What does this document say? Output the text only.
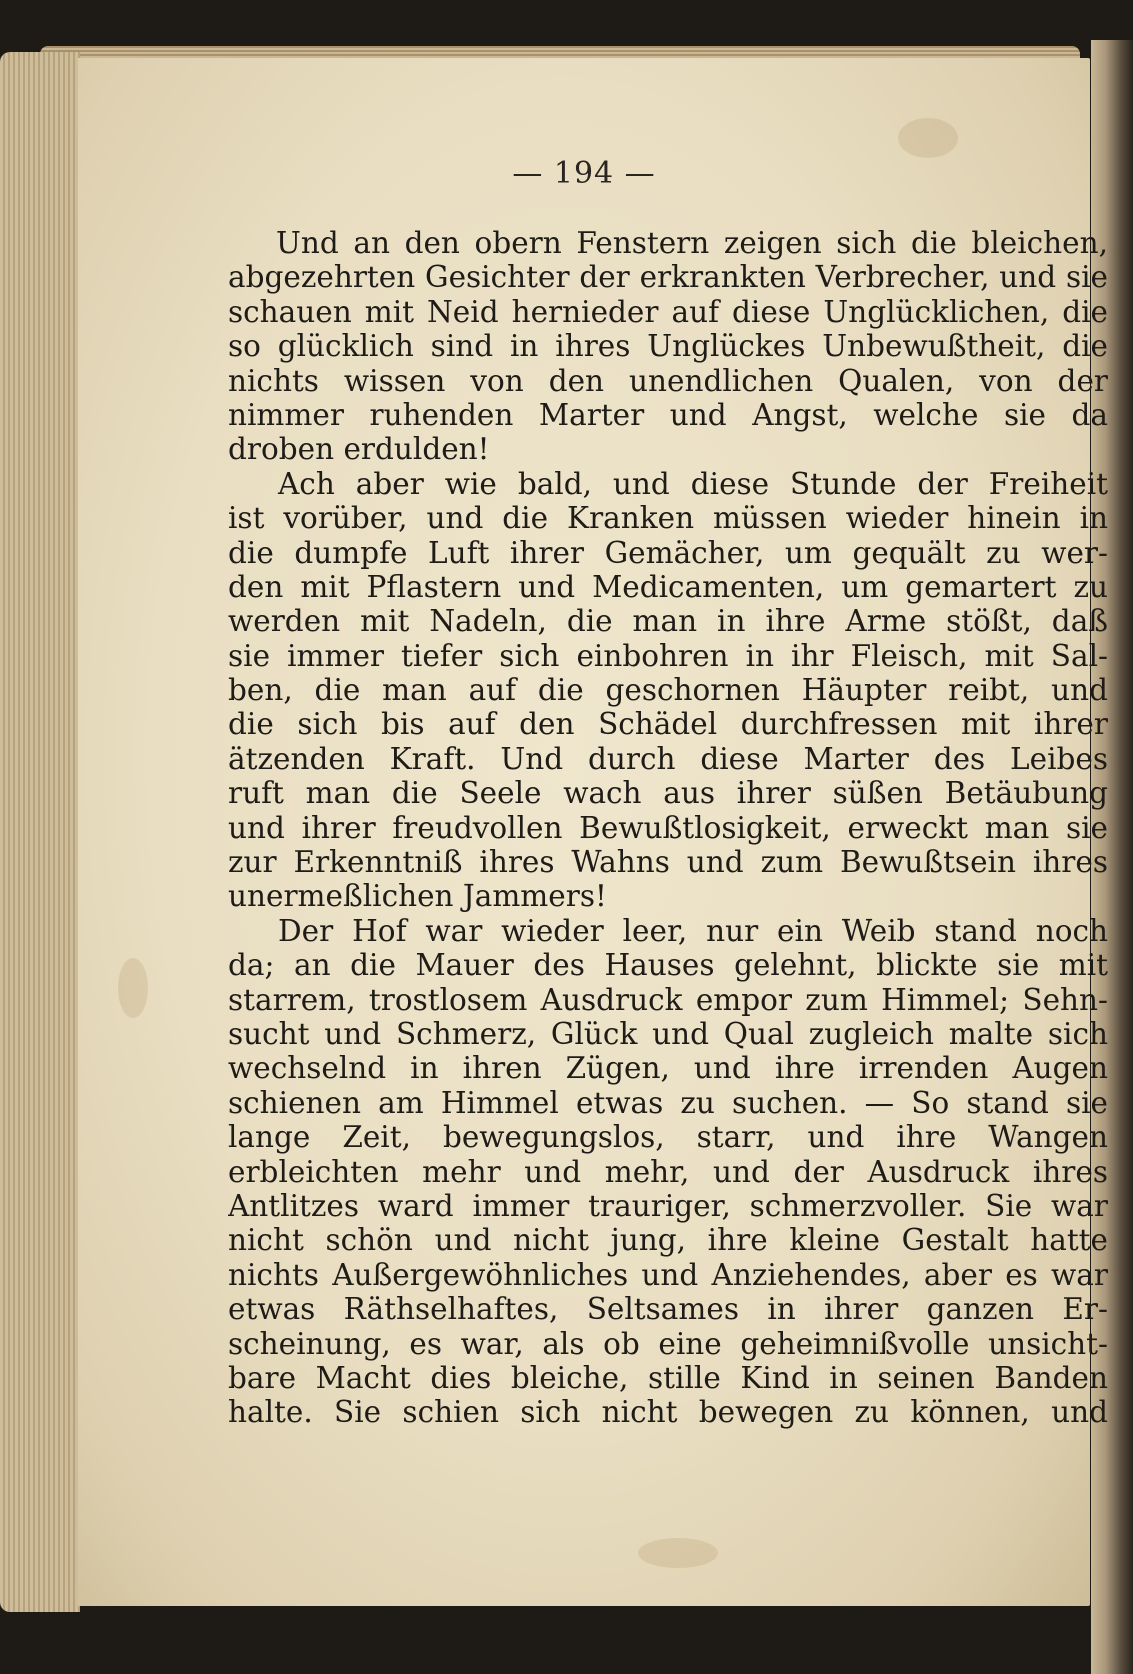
— 194 —
Und an den obern Fenstern zeigen sich die bleichen,
abgezehrten Gesichter der erkrankten Verbrecher, und sie
schauen mit Neid hernieder auf diese Unglücklichen, die
so glücklich sind in ihres Unglückes Unbewußtheit, die
nichts wissen von den unendlichen Qualen, von der
nimmer ruhenden Marter und Angst, welche sie da
droben erdulden!
Ach aber wie bald, und diese Stunde der Freiheit
ist vorüber, und die Kranken müssen wieder hinein in
die dumpfe Luft ihrer Gemächer, um gequält zu wer-
den mit Pflastern und Medicamenten, um gemartert zu
werden mit Nadeln, die man in ihre Arme stößt, daß
sie immer tiefer sich einbohren in ihr Fleisch, mit Sal-
ben, die man auf die geschornen Häupter reibt, und
die sich bis auf den Schädel durchfressen mit ihrer
ätzenden Kraft. Und durch diese Marter des Leibes
ruft man die Seele wach aus ihrer süßen Betäubung
und ihrer freudvollen Bewußtlosigkeit, erweckt man sie
zur Erkenntniß ihres Wahns und zum Bewußtsein ihres
unermeßlichen Jammers!
Der Hof war wieder leer, nur ein Weib stand noch
da; an die Mauer des Hauses gelehnt, blickte sie mit
starrem, trostlosem Ausdruck empor zum Himmel; Sehn-
sucht und Schmerz, Glück und Qual zugleich malte sich
wechselnd in ihren Zügen, und ihre irrenden Augen
schienen am Himmel etwas zu suchen. — So stand sie
lange Zeit, bewegungslos, starr, und ihre Wangen
erbleichten mehr und mehr, und der Ausdruck ihres
Antlitzes ward immer trauriger, schmerzvoller. Sie war
nicht schön und nicht jung, ihre kleine Gestalt hatte
nichts Außergewöhnliches und Anziehendes, aber es war
etwas Räthselhaftes, Seltsames in ihrer ganzen Er-
scheinung, es war, als ob eine geheimnißvolle unsicht-
bare Macht dies bleiche, stille Kind in seinen Banden
halte. Sie schien sich nicht bewegen zu können, und
